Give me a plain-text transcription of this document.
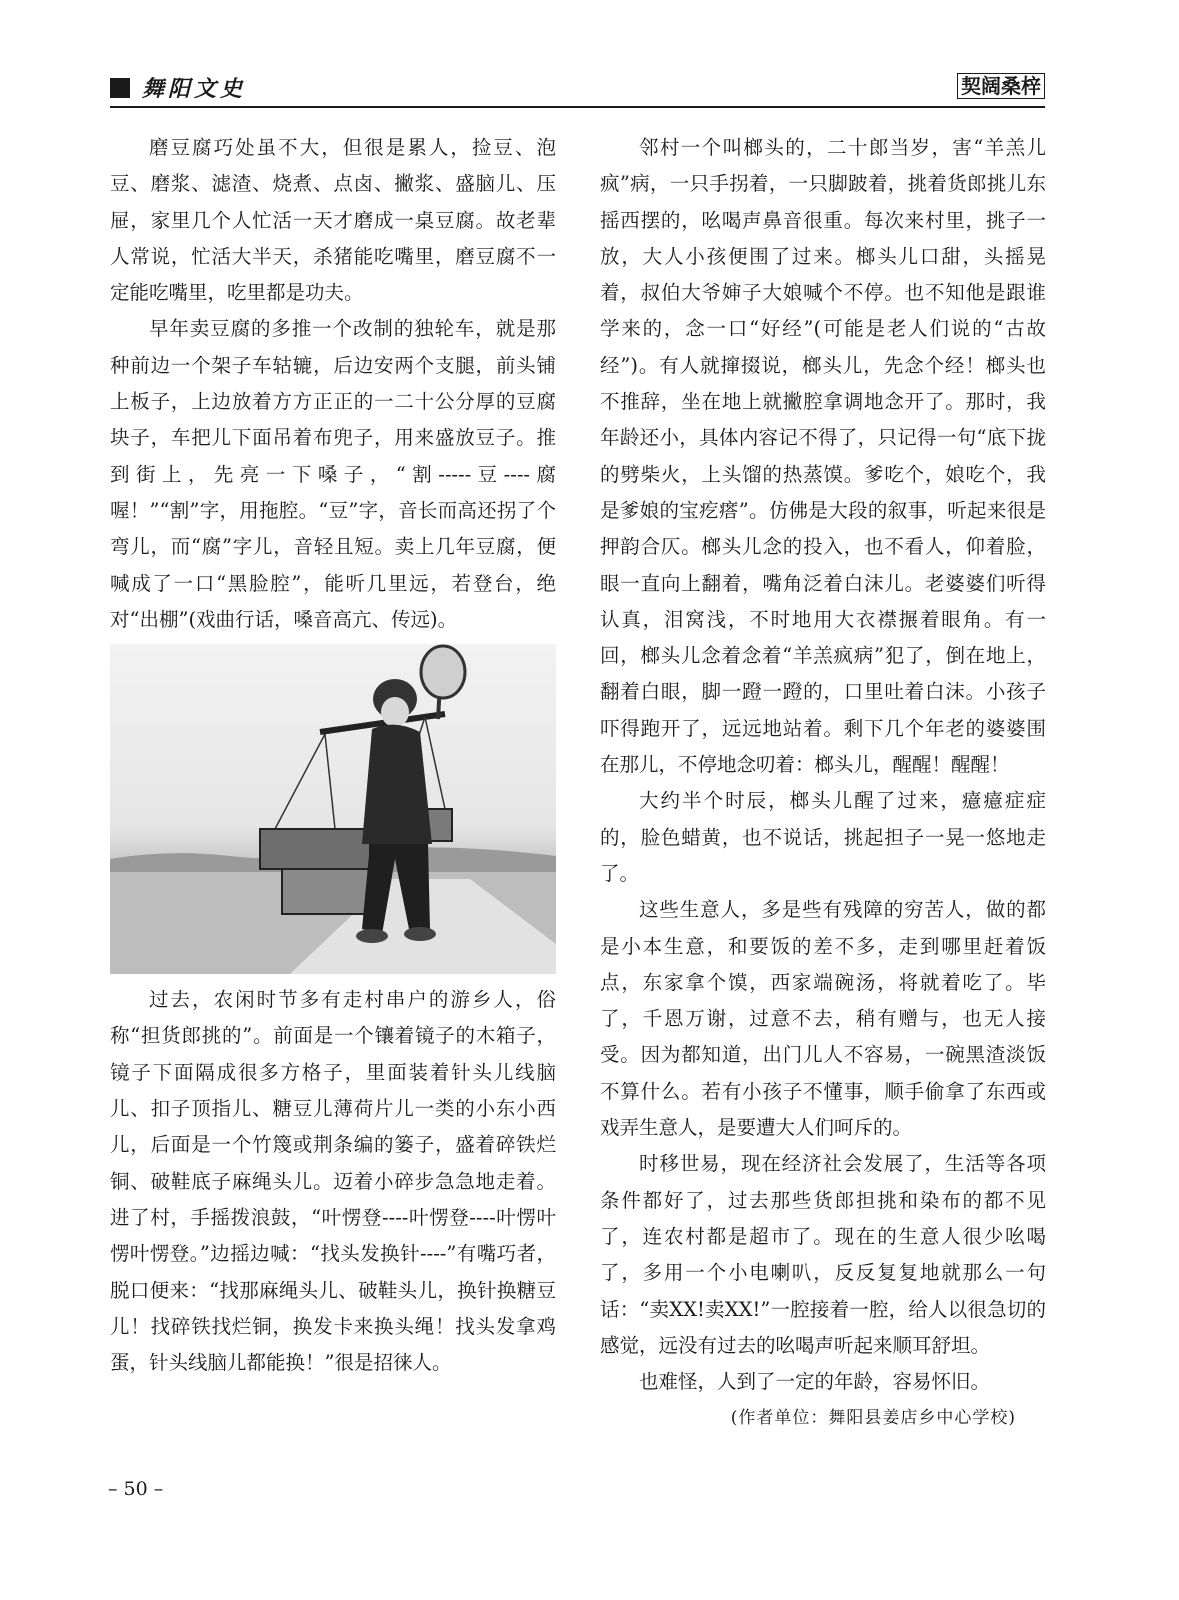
舞阳文史	契阔桑梓

磨豆腐巧处虽不大，但很是累人，捡豆、泡豆、磨浆、滤渣、烧煮、点卤、撇浆、盛脑儿、压屉，家里几个人忙活一天才磨成一桌豆腐。故老辈人常说，忙活大半天，杀猪能吃嘴里，磨豆腐不一定能吃嘴里，吃里都是功夫。

早年卖豆腐的多推一个改制的独轮车，就是那种前边一个架子车轱辘，后边安两个支腿，前头铺上板子，上边放着方方正正的一二十公分厚的豆腐块子，车把儿下面吊着布兜子，用来盛放豆子。推到街上，先亮一下嗓子，“割-----豆----腐喔！”“割”字，用拖腔。“豆”字，音长而高还拐了个弯儿，而“腐”字儿，音轻且短。卖上几年豆腐，便喊成了一口“黑脸腔”，能听几里远，若登台，绝对“出棚”(戏曲行话，嗓音高亢、传远)。

过去，农闲时节多有走村串户的游乡人，俗称“担货郎挑的”。前面是一个镶着镜子的木箱子，镜子下面隔成很多方格子，里面装着针头儿线脑儿、扣子顶指儿、糖豆儿薄荷片儿一类的小东小西儿，后面是一个竹篾或荆条编的篓子，盛着碎铁烂铜、破鞋底子麻绳头儿。迈着小碎步急急地走着。进了村，手摇拨浪鼓，“叶愣登----叶愣登----叶愣叶愣叶愣登。”边摇边喊：“找头发换针----”有嘴巧者，脱口便来：“找那麻绳头儿、破鞋头儿，换针换糖豆儿！找碎铁找烂铜，换发卡来换头绳！找头发拿鸡蛋，针头线脑儿都能换！”很是招徕人。

邻村一个叫榔头的，二十郎当岁，害“羊羔儿疯”病，一只手拐着，一只脚跛着，挑着货郎挑儿东摇西摆的，吆喝声鼻音很重。每次来村里，挑子一放，大人小孩便围了过来。榔头儿口甜，头摇晃着，叔伯大爷婶子大娘喊个不停。也不知他是跟谁学来的，念一口“好经”(可能是老人们说的“古故经”)。有人就撺掇说，榔头儿，先念个经！榔头也不推辞，坐在地上就撇腔拿调地念开了。那时，我年龄还小，具体内容记不得了，只记得一句“底下拢的劈柴火，上头馏的热蒸馍。爹吃个，娘吃个，我是爹娘的宝疙瘩”。仿佛是大段的叙事，听起来很是押韵合仄。榔头儿念的投入，也不看人，仰着脸，眼一直向上翻着，嘴角泛着白沫儿。老婆婆们听得认真，泪窝浅，不时地用大衣襟搌着眼角。有一回，榔头儿念着念着“羊羔疯病”犯了，倒在地上，翻着白眼，脚一蹬一蹬的，口里吐着白沫。小孩子吓得跑开了，远远地站着。剩下几个年老的婆婆围在那儿，不停地念叨着：榔头儿，醒醒！醒醒！

大约半个时辰，榔头儿醒了过来，癔癔症症的，脸色蜡黄，也不说话，挑起担子一晃一悠地走了。

这些生意人，多是些有残障的穷苦人，做的都是小本生意，和要饭的差不多，走到哪里赶着饭点，东家拿个馍，西家端碗汤，将就着吃了。毕了，千恩万谢，过意不去，稍有赠与，也无人接受。因为都知道，出门儿人不容易，一碗黑渣淡饭不算什么。若有小孩子不懂事，顺手偷拿了东西或戏弄生意人，是要遭大人们呵斥的。

时移世易，现在经济社会发展了，生活等各项条件都好了，过去那些货郎担挑和染布的都不见了，连农村都是超市了。现在的生意人很少吆喝了，多用一个小电喇叭，反反复复地就那么一句话：“卖XX!卖XX!”一腔接着一腔，给人以很急切的感觉，远没有过去的吆喝声听起来顺耳舒坦。

也难怪，人到了一定的年龄，容易怀旧。

(作者单位：舞阳县姜店乡中心学校)

– 50 –
